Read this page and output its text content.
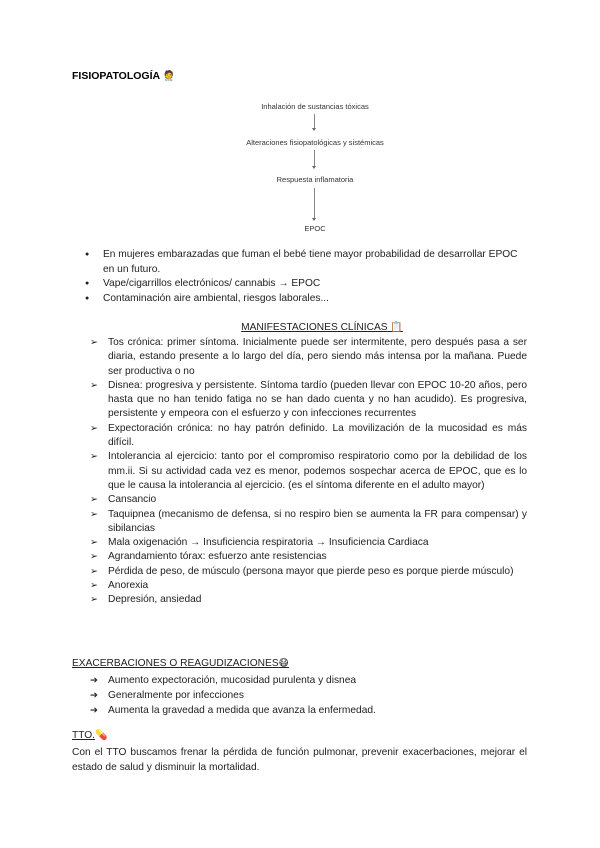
FISIOPATOLOGÍA 🧑‍⚕️
Inhalación de sustancias tóxicas
Alteraciones fisiopatológicas y sistémicas
Respuesta inflamatoria
EPOC
● En mujeres embarazadas que fuman el bebé tiene mayor probabilidad de desarrollar EPOC en un futuro.
● Vape/cigarrillos electrónicos/ cannabis → EPOC
● Contaminación aire ambiental, riesgos laborales...
MANIFESTACIONES CLÍNICAS 📋
➢ Tos crónica: primer síntoma. Inicialmente puede ser intermitente, pero después pasa a ser diaria, estando presente a lo largo del día, pero siendo más intensa por la mañana. Puede ser productiva o no
➢ Disnea: progresiva y persistente. Síntoma tardío (pueden llevar con EPOC 10-20 años, pero hasta que no han tenido fatiga no se han dado cuenta y no han acudido). Es progresiva, persistente y empeora con el esfuerzo y con infecciones recurrentes
➢ Expectoración crónica: no hay patrón definido. La movilización de la mucosidad es más difícil.
➢ Intolerancia al ejercicio: tanto por el compromiso respiratorio como por la debilidad de los mm.ii. Si su actividad cada vez es menor, podemos sospechar acerca de EPOC, que es lo que le causa la intolerancia al ejercicio. (es el síntoma diferente en el adulto mayor)
➢ Cansancio
➢ Taquipnea (mecanismo de defensa, si no respiro bien se aumenta la FR para compensar) y sibilancias
➢ Mala oxigenación → Insuficiencia respiratoria → Insuficiencia Cardiaca
➢ Agrandamiento tórax: esfuerzo ante resistencias
➢ Pérdida de peso, de músculo (persona mayor que pierde peso es porque pierde músculo)
➢ Anorexia
➢ Depresión, ansiedad
EXACERBACIONES O REAGUDIZACIONES😷
➔ Aumento expectoración, mucosidad purulenta y disnea
➔ Generalmente por infecciones
➔ Aumenta la gravedad a medida que avanza la enfermedad.
TTO.💊

Con el TTO buscamos frenar la pérdida de función pulmonar, prevenir exacerbaciones, mejorar el estado de salud y disminuir la mortalidad.
